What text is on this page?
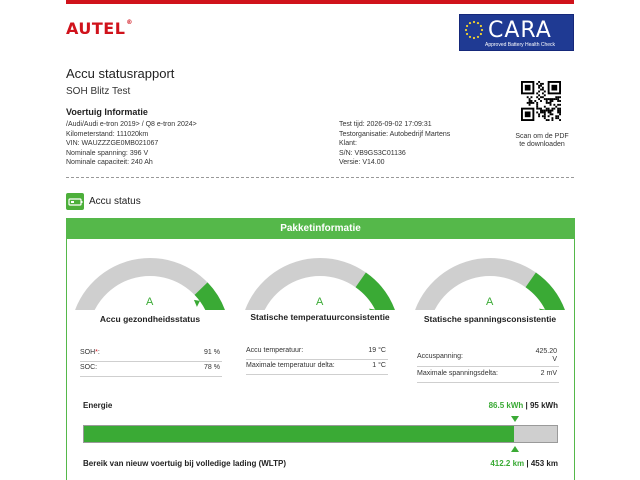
AUTEL®	CARA
Approved Battery Health Check
Accu statusrapport
SOH Blitz Test
Voertuig Informatie
/Audi/Audi e-tron 2019> / Q8 e-tron 2024>
Kilometerstand: 111020km
VIN: WAUZZZGE0MB021067
Nominale spanning: 396 V
Nominale capaciteit: 240 Ah
Test tijd: 2026-09-02 17:09:31
Testorganisatie: Autobedrijf Martens
Klant:
S/N: VB9GS3C01136
Versie: V14.00
Scan om de PDF
te downloaden
Accu status
Pakketinformatie
A	A	A
Accu gezondheidsstatus	Statische temperatuurconsistentie	Statische spanningsconsistentie
SOH*:	91 %
SOC:	78 %
Accu temperatuur:	19 °C
Maximale temperatuur delta:	1 °C
Accuspanning:
425.20
V
Maximale spanningsdelta:	2 mV
Energie	86.5 kWh | 95 kWh
Bereik van nieuw voertuig bij volledige lading (WLTP)	412.2 km | 453 km
